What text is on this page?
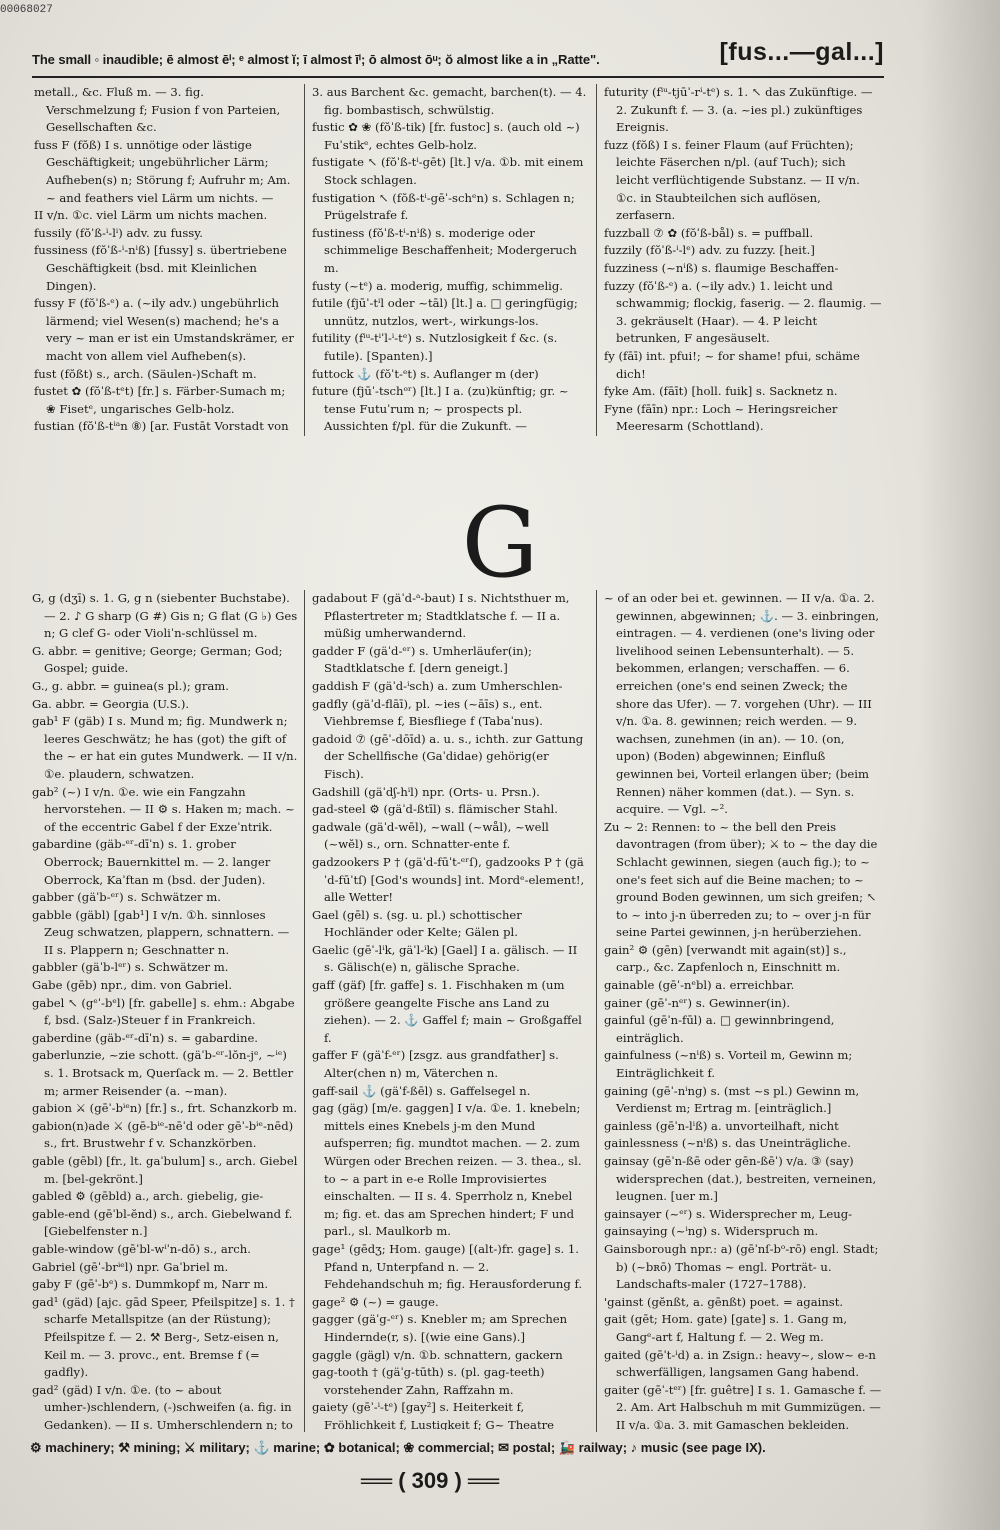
00068027
The small ◦ inaudible; ē almost ēⁱ; ᵉ almost ĭ; ī almost īⁱ; ō almost ōᵘ; ŏ almost like a in „Ratte".	[fus...—gal...]
metall., &c. Fluß m. — 3. fig. Verschmelzung f; Fusion f von Parteien, Gesellschaften &c.
fuss F (fŏß) I s. unnötige oder lästige Geschäftigkeit; ungebührlicher Lärm; Aufheben(s) n; Störung f; Aufruhr m; Am. ~ and feathers viel Lärm um nichts. —
II v/n. ①c. viel Lärm um nichts machen.
fussily (fŏˈß-ⁱ-lⁱ) adv. zu fussy.
fussiness (fŏˈß-ⁱ-nⁱß) [fussy] s. übertriebene Geschäftigkeit (bsd. mit Kleinlichen Dingen).
fussy F (fŏˈß-ᵉ) a. (~ily adv.) ungebührlich lärmend; viel Wesen(s) machend; he's a very ~ man er ist ein Umstandskrämer, er macht von allem viel Aufheben(s).
fust (fŏßt) s., arch. (Säulen-)Schaft m.
fustet ✿ (fŏˈß-tᵉt) [fr.] s. Färber-Sumach m; ❀ Fisetᵉ, ungarisches Gelb-holz.
fustian (fŏˈß-tⁱᵃn ⑧) [ar. Fustāt Vorstadt von
3. aus Barchent &c. gemacht, barchen(t). — 4. fig. bombastisch, schwülstig.
fustic ✿ ❀ (fŏˈß-tik) [fr. fustoc] s. (auch old ~) Fuˈstikᵉ, echtes Gelb-holz.
fustigate ↖ (fŏˈß-tⁱ-gēt) [lt.] v/a. ①b. mit einem Stock schlagen.
fustigation ↖ (fŏß-tⁱ-gēˈ-schᵉn) s. Schlagen n; Prügelstrafe f.
fustiness (fŏˈß-tⁱ-nⁱß) s. moderige oder schimmelige Beschaffenheit; Modergeruch m.
fusty (~tᵉ) a. moderig, muffig, schimmelig.
futile (fjūˈ-tⁱl oder ~tāl) [lt.] a. □ geringfügig; unnütz, nutzlos, wert-, wirkungs-los.
futility (fⁱᵘ-tⁱˈl-ⁱ-tᵉ) s. Nutzlosigkeit f &c. (s. futile). [Spanten).]
futtock ⚓ (fŏˈt-ᵉt) s. Auflanger m (der)
future (fjūˈ-tschᵒʳ) [lt.] I a. (zu)künftig; gr. ~ tense Futuˈrum n; ~ prospects pl. Aussichten f/pl. für die Zukunft. —
futurity (fⁱᵘ-tjūˈ-rⁱ-tᵉ) s. 1. ↖ das Zukünftige. — 2. Zukunft f. — 3. (a. ~ies pl.) zukünftiges Ereignis.
fuzz (fŏß) I s. feiner Flaum (auf Früchten); leichte Fäserchen n/pl. (auf Tuch); sich leicht verflüchtigende Substanz. — II v/n. ①c. in Staubteilchen sich auflösen, zerfasern.
fuzzball ⑦ ✿ (fŏˈß-bål) s. = puffball.
fuzzily (fŏˈß-ⁱ-lᵉ) adv. zu fuzzy. [heit.]
fuzziness (~nⁱß) s. flaumige Beschaffen-
fuzzy (fŏˈß-ᵉ) a. (~ily adv.) 1. leicht und schwammig; flockig, faserig. — 2. flaumig. — 3. gekräuselt (Haar). — 4. P leicht betrunken, F angesäuselt.
fy (fāī) int. pfui!; ~ for shame! pfui, schäme dich!
fyke Am. (fāīt) [holl. fuik] s. Sacknetz n.
Fyne (fāīn) npr.: Loch ~ Heringsreicher Meeresarm (Schottland).
G
G, g (dʒī) s. 1. G, g n (siebenter Buchstabe). — 2. ♪ G sharp (G #) Gis n; G flat (G ♭) Ges n; G clef G- oder Violiˈn-schlüssel m.
G. abbr. = genitive; George; German; God; Gospel; guide.
G., g. abbr. = guinea(s pl.); gram.
Ga. abbr. = Georgia (U.S.).
gab¹ F (gäb) I s. Mund m; fig. Mundwerk n; leeres Geschwätz; he has (got) the gift of the ~ er hat ein gutes Mundwerk. — II v/n. ①e. plaudern, schwatzen.
gab² (~) I v/n. ①e. wie ein Fangzahn hervorstehen. — II ⚙ s. Haken m; mach. ~ of the eccentric Gabel f der Exzeˈntrik.
gabardine (gäb-ᵉʳ-dīˈn) s. 1. grober Oberrock; Bauernkittel m. — 2. langer Oberrock, Kaˈftan m (bsd. der Juden).
gabber (gäˈb-ᵉʳ) s. Schwätzer m.
gabble (gäbl) [gab¹] I v/n. ①h. sinnloses Zeug schwatzen, plappern, schnattern. — II s. Plappern n; Geschnatter n.
gabbler (gäˈb-lᵉʳ) s. Schwätzer m.
Gabe (gēb) npr., dim. von Gabriel.
gabel ↖ (gᵉˈ-bᵉl) [fr. gabelle] s. ehm.: Abgabe f, bsd. (Salz-)Steuer f in Frankreich.
gaberdine (gäb-ᵉʳ-dīˈn) s. = gabardine.
gaberlunzie, ~zie schott. (gäˈb-ᵉʳ-lŏn-jᵉ, ~ⁱᵉ) s. 1. Brotsack m, Querſack m. — 2. Bettler m; armer Reisender (a. ~man).
gabion ⚔ (gēˈ-bⁱᵉn) [fr.] s., frt. Schanzkorb m.
gabion(n)ade ⚔ (gē-bⁱᵉ-nēˈd oder gēˈ-bⁱᵉ-nēd) s., frt. Brustwehr f v. Schanzkörben.
gable (gēbl) [fr., lt. gaˈbulum] s., arch. Giebel m. [bel-gekrönt.]
gabled ⚙ (gēbld) a., arch. giebelig, gie-
gable-end (gēˈbl-ĕnd) s., arch. Giebelwand f. [Giebelfenster n.]
gable-window (gēˈbl-wⁱˈn-dō) s., arch.
Gabriel (gēˈ-brⁱᵉl) npr. Gaˈbriel m.
gaby F (gēˈ-bᵉ) s. Dummkopf m, Narr m.
gad¹ (gäd) [ajc. gād Speer, Pfeilspitze] s. 1. † scharfe Metallspitze (an der Rüstung); Pfeilspitze f. — 2. ⚒ Berg-, Setz-eisen n, Keil m. — 3. provc., ent. Bremse f (= gadfly).
gad² (gäd) I v/n. ①e. (to ~ about umher-)schlendern, (-)schweifen (a. fig. in Gedanken). — II s. Umherschlendern n; to
gadabout F (gäˈd-ᵃ-baut) I s. Nichtsthuer m, Pflastertreter m; Stadtklatsche f. — II a. müßig umherwandernd.
gadder F (gäˈd-ᵉʳ) s. Umherläufer(in); Stadtklatsche f. [dern geneigt.]
gaddish F (gäˈd-ⁱsch) a. zum Umherschlen-
gadfly (gäˈd-flāī), pl. ~ies (~āīs) s., ent. Viehbremse f, Biesfliege f (Tabaˈnus).
gadoid ⑦ (gēˈ-dōīd) a. u. s., ichth. zur Gattung der Schellfische (Gaˈdidae) gehörig(er Fisch).
Gadshill (gäˈdʃ-hⁱl) npr. (Orts- u. Prsn.).
gad-steel ⚙ (gäˈd-ßtīl) s. flämischer Stahl.
gadwale (gäˈd-wēl), ~wall (~wål), ~well (~wĕl) s., orn. Schnatter-ente f.
gadzookers P † (gäˈd-fūˈt-ᵉʳſ), gadzooks P † (gäˈd-fūˈtſ) [God's wounds] int. Mordᵉ-element!, alle Wetter!
Gael (gēl) s. (sg. u. pl.) schottischer Hochländer oder Kelte; Gälen pl.
Gaelic (gēˈ-lⁱk, gäˈl-ⁱk) [Gael] I a. gälisch. — II s. Gälisch(e) n, gälische Sprache.
gaff (gäf) [fr. gaffe] s. 1. Fischhaken m (um größere geangelte Fische ans Land zu ziehen). — 2. ⚓ Gaffel f; main ~ Großgaffel f.
gaffer F (gäˈf-ᵉʳ) [zsgz. aus grandfather] s. Alter(chen n) m, Väterchen n.
gaff-sail ⚓ (gäˈf-ßēl) s. Gaffelsegel n.
gag (gäg) [m/e. gaggen] I v/a. ①e. 1. knebeln; mittels eines Knebels j-m den Mund aufsperren; fig. mundtot machen. — 2. zum Würgen oder Brechen reizen. — 3. thea., sl. to ~ a part in e-e Rolle Improvisiertes einschalten. — II s. 4. Sperrholz n, Knebel m; fig. et. das am Sprechen hindert; F und parl., sl. Maulkorb m.
gage¹ (gēdʒ; Hom. gauge) [(alt-)fr. gage] s. 1. Pfand n, Unterpfand n. — 2. Fehdehandschuh m; fig. Herausforderung f.
gage² ⚙ (~) = gauge.
gagger (gäˈg-ᵉʳ) s. Knebler m; am Sprechen Hindernde(r, s). [(wie eine Gans).]
gaggle (gägl) v/n. ①b. schnattern, gackern
gag-tooth † (gäˈg-tūth) s. (pl. gag-teeth) vorstehender Zahn, Raffzahn m.
gaiety (gēˈ-ⁱ-tᵉ) [gay²] s. Heiterkeit f, Fröhlichkeit f, Lustigkeit f; G~ Theatre
~ of an oder bei et. gewinnen. — II v/a. ①a. 2. gewinnen, abgewinnen; ⚓. — 3. einbringen, eintragen. — 4. verdienen (one's living oder livelihood seinen Lebensunterhalt). — 5. bekommen, erlangen; verschaffen. — 6. erreichen (one's end seinen Zweck; the shore das Ufer). — 7. vorgehen (Uhr). — III v/n. ①a. 8. gewinnen; reich werden. — 9. wachsen, zunehmen (in an). — 10. (on, upon) (Boden) abgewinnen; Einfluß gewinnen bei, Vorteil erlangen über; (beim Rennen) näher kommen (dat.). — Syn. s. acquire. — Vgl. ~².
Zu ~ 2: Rennen: to ~ the bell den Preis davontragen (from über); ⚔ to ~ the day die Schlacht gewinnen, siegen (auch fig.); to ~ one's feet sich auf die Beine machen; to ~ ground Boden gewinnen, um sich greifen; ↖ to ~ into j-n überreden zu; to ~ over j-n für seine Partei gewinnen, j-n herüberziehen.
gain² ⚙ (gēn) [verwandt mit again(st)] s., carp., &c. Zapfenloch n, Einschnitt m.
gainable (gēˈ-nᵉbl) a. erreichbar.
gainer (gēˈ-nᵉʳ) s. Gewinner(in).
gainful (gēˈn-fūl) a. □ gewinnbringend, einträglich.
gainfulness (~nⁱß) s. Vorteil m, Gewinn m; Einträglichkeit f.
gaining (gēˈ-nⁱnɡ) s. (mst ~s pl.) Gewinn m, Verdienst m; Ertrag m. [einträglich.]
gainless (gēˈn-lⁱß) a. unvorteilhaft, nicht
gainlessness (~nⁱß) s. das Uneinträgliche.
gainsay (gēˈn-ßē oder gēn-ßēˈ) v/a. ③ (say) widersprechen (dat.), bestreiten, verneinen, leugnen. [uer m.]
gainsayer (~ᵉʳ) s. Widersprecher m, Leug-
gainsaying (~ⁱnɡ) s. Widerspruch m.
Gainsborough npr.: a) (gēˈnſ-bᵒ-rō) engl. Stadt; b) (~bʀō) Thomas ~ engl. Porträt- u. Landschafts-maler (1727–1788).
'gainst (gĕnßt, a. gēnßt) poet. = against.
gait (gēt; Hom. gate) [gate] s. 1. Gang m, Gangᵉ-art f, Haltung f. — 2. Weg m.
gaited (gēˈt-ⁱd) a. in Zsign.: heavy~, slow~ e-n schwerfälligen, langsamen Gang habend.
gaiter (gēˈ-tᵉʳ) [fr. guêtre] I s. 1. Gamasche f. — 2. Am. Art Halbschuh m mit Gummizügen. — II v/a. ①a. 3. mit Gamaschen bekleiden.
⚙ machinery; ⚒ mining; ⚔ military; ⚓ marine; ✿ botanical; ❀ commercial; ✉ postal; 🚂 railway; ♪ music (see page IX).
══ ( 309 ) ══
